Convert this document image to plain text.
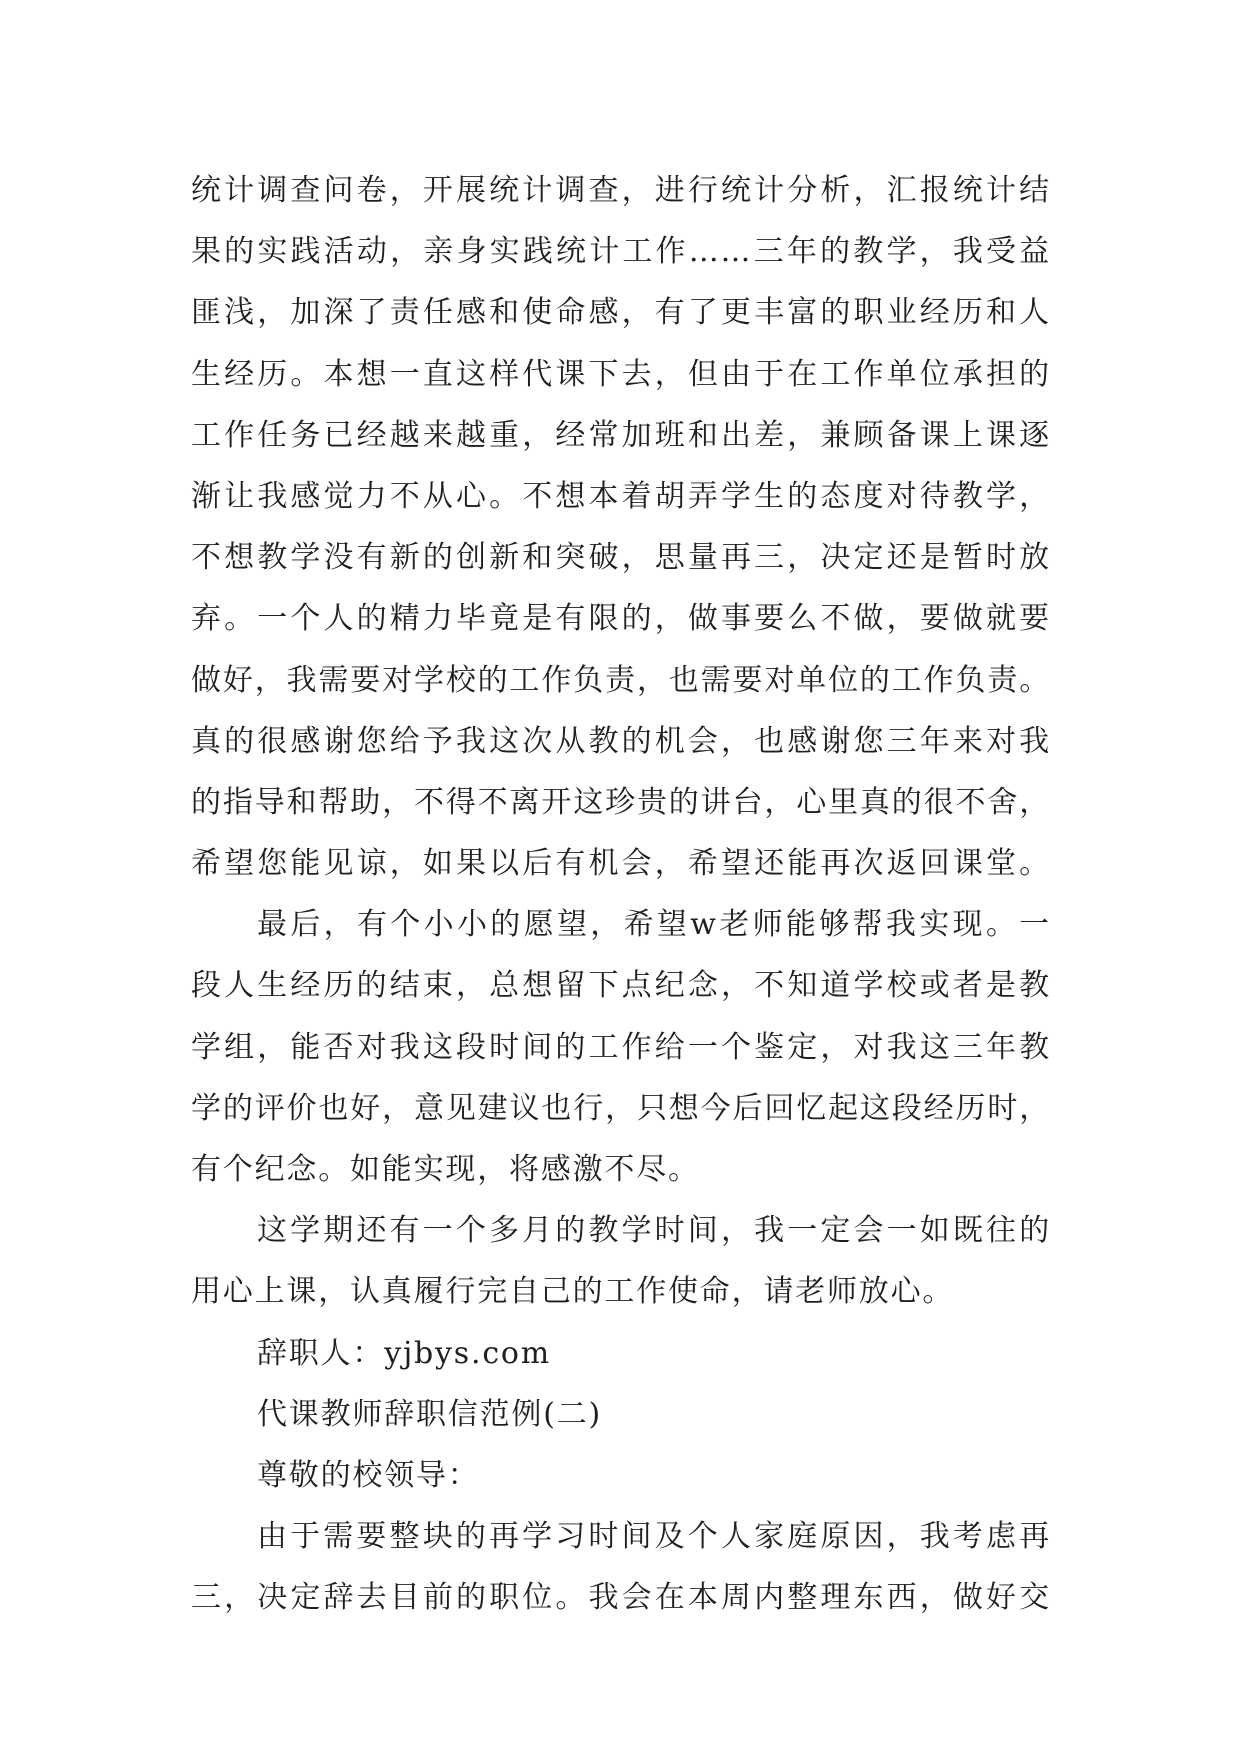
统计调查问卷，开展统计调查，进行统计分析，汇报统计结
果的实践活动，亲身实践统计工作……三年的教学，我受益
匪浅，加深了责任感和使命感，有了更丰富的职业经历和人
生经历。本想一直这样代课下去，但由于在工作单位承担的
工作任务已经越来越重，经常加班和出差，兼顾备课上课逐
渐让我感觉力不从心。不想本着胡弄学生的态度对待教学，
不想教学没有新的创新和突破，思量再三，决定还是暂时放
弃。一个人的精力毕竟是有限的，做事要么不做，要做就要
做好，我需要对学校的工作负责，也需要对单位的工作负责。
真的很感谢您给予我这次从教的机会，也感谢您三年来对我
的指导和帮助，不得不离开这珍贵的讲台，心里真的很不舍，
希望您能见谅，如果以后有机会，希望还能再次返回课堂。
最后，有个小小的愿望，希望w老师能够帮我实现。一
段人生经历的结束，总想留下点纪念，不知道学校或者是教
学组，能否对我这段时间的工作给一个鉴定，对我这三年教
学的评价也好，意见建议也行，只想今后回忆起这段经历时，
有个纪念。如能实现，将感激不尽。
这学期还有一个多月的教学时间，我一定会一如既往的
用心上课，认真履行完自己的工作使命，请老师放心。
辞职人：yjbys.com
代课教师辞职信范例(二)
尊敬的校领导：
由于需要整块的再学习时间及个人家庭原因，我考虑再
三，决定辞去目前的职位。我会在本周内整理东西，做好交
